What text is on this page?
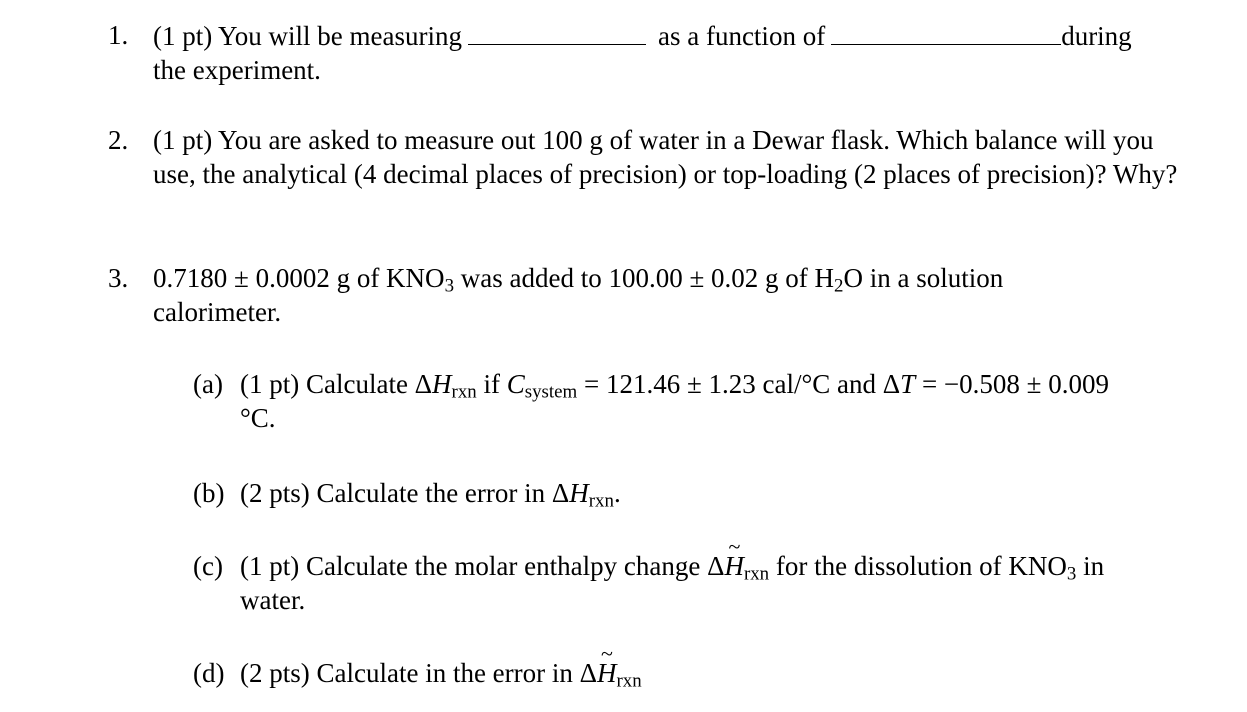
1. (1 pt) You will be measuring	as a function of	during
the experiment.
2. (1 pt) You are asked to measure out 100 g of water in a Dewar flask. Which balance will you use, the analytical (4 decimal places of precision) or top-loading (2 places of precision)? Why?
3. 0.7180 ± 0.0002 g of $KNO_3$ was added to 100.00 ± 0.02 g of $H_2O$ in a solution calorimeter.
(a) (1 pt) Calculate $\Delta H_{rxn}$ if $C_{system} = 121.46 \pm 1.23$ cal/°C and ΔT = −0.508 ± 0.009 °C.
(b) (2 pts) Calculate the error in $\Delta H_{rxn}$.
(c) (1 pt) Calculate the molar enthalpy change ΔH $\sim_{rxn}$ for the dissolution of $KNO_3$ in water.
(d) (2 pts) Calculate in the error in ΔH $\sim_{rxn}$
